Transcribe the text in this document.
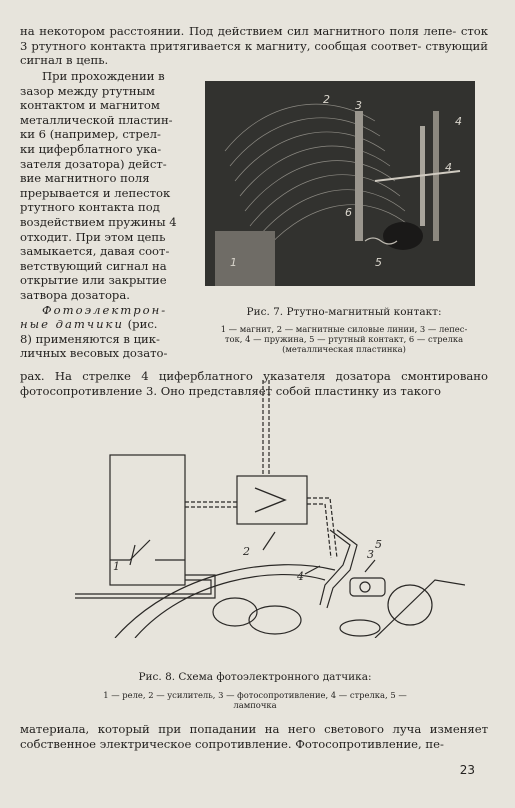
на некотором расстоянии. Под действием сил магнитного поля лепе- сток 3 ртутного контакта притягивается к магниту, сообщая соответ- ствующий сигнал в цепь.

При прохождении в
зазор между ртутным
контактом и магнитом
металлической пластин-
ки 6 (например, стрел-
ки циферблатного ука-
зателя дозатора) дейст-
вие магнитного поля
прерывается и лепесток
ртутного контакта под
воздействием пружины 4
отходит. При этом цепь
замыкается, давая соот-
ветствующий сигнал на
открытие или закрытие
затвора дозатора.
Фотоэлектрон-
ные датчики (рис.
8) применяются в цик-
личных весовых дозато-
2 3
4
6
1	5
4
Рис. 7. Ртутно-магнитный контакт:
1 — магнит, 2 — магнитные силовые линии, 3 — лепес-
ток, 4 — пружина, 5 — ртутный контакт, 6 — стрелка
(металлическая пластинка)

рах. На стрелке 4 циферблатного указателя дозатора смонтировано фотосопротивление 3. Оно представляет собой пластинку из такого

1
2	3
4
5
Рис. 8. Схема фотоэлектронного датчика:
1 — реле, 2 — усилитель, 3 — фотосопротивление, 4 — стрелка, 5 —
лампочка

материала, который при попадании на него светового луча изменяет собственное электрическое сопротивление. Фотосопротивление, пе-

23
